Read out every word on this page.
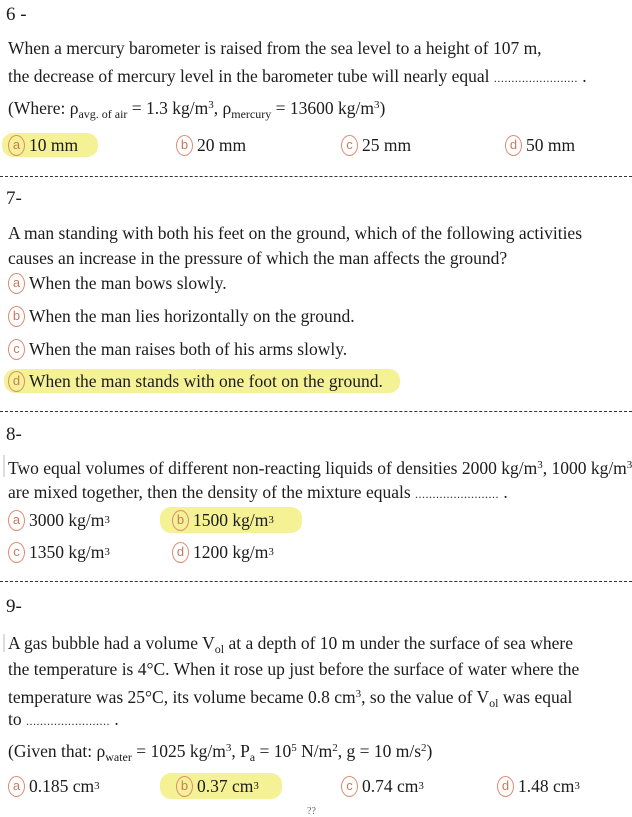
6 -
When a mercury barometer is raised from the sea level to a height of 107 m,
the decrease of mercury level in the barometer tube will nearly equal ........................ .
(Where: $\rho_{avg. of air} = 1.3$ $kg/m^3$, $\rho_{mercury} = 13600$ $kg/m^3$)
a 10 mm	b 20 mm	c 25 mm	d 50 mm
7-
A man standing with both his feet on the ground, which of the following activities
causes an increase in the pressure of which the man affects the ground?
a When the man bows slowly.
b When the man lies horizontally on the ground.
c When the man raises both of his arms slowly.
d When the man stands with one foot on the ground.
8-
Two equal volumes of different non-reacting liquids of densities 2000 $kg/m^3$, 1000 $kg/m^3$
are mixed together, then the density of the mixture equals ........................ .
a 3000 kg/m 3	b 1500 kg/m 3
c 1350 kg/m 3	d 1200 kg/m 3
9-
A gas bubble had a volume $V_{ol}$ at a depth of 10 m under the surface of sea where
the temperature is 4°C. When it rose up just before the surface of water where the
temperature was 25°C, its volume became 0.8 $cm^3$, so the value of $V_{ol}$ was equal
to ........................ .
(Given that: $\rho_{water} = 1025$ $kg/m^3$, $P_a = 10^5$ $N/m^2$, g = 10 $m/s^2$)
a 0.185 cm 3	b 0.37 cm 3	c 0.74 cm 3	d 1.48 cm 3
??
